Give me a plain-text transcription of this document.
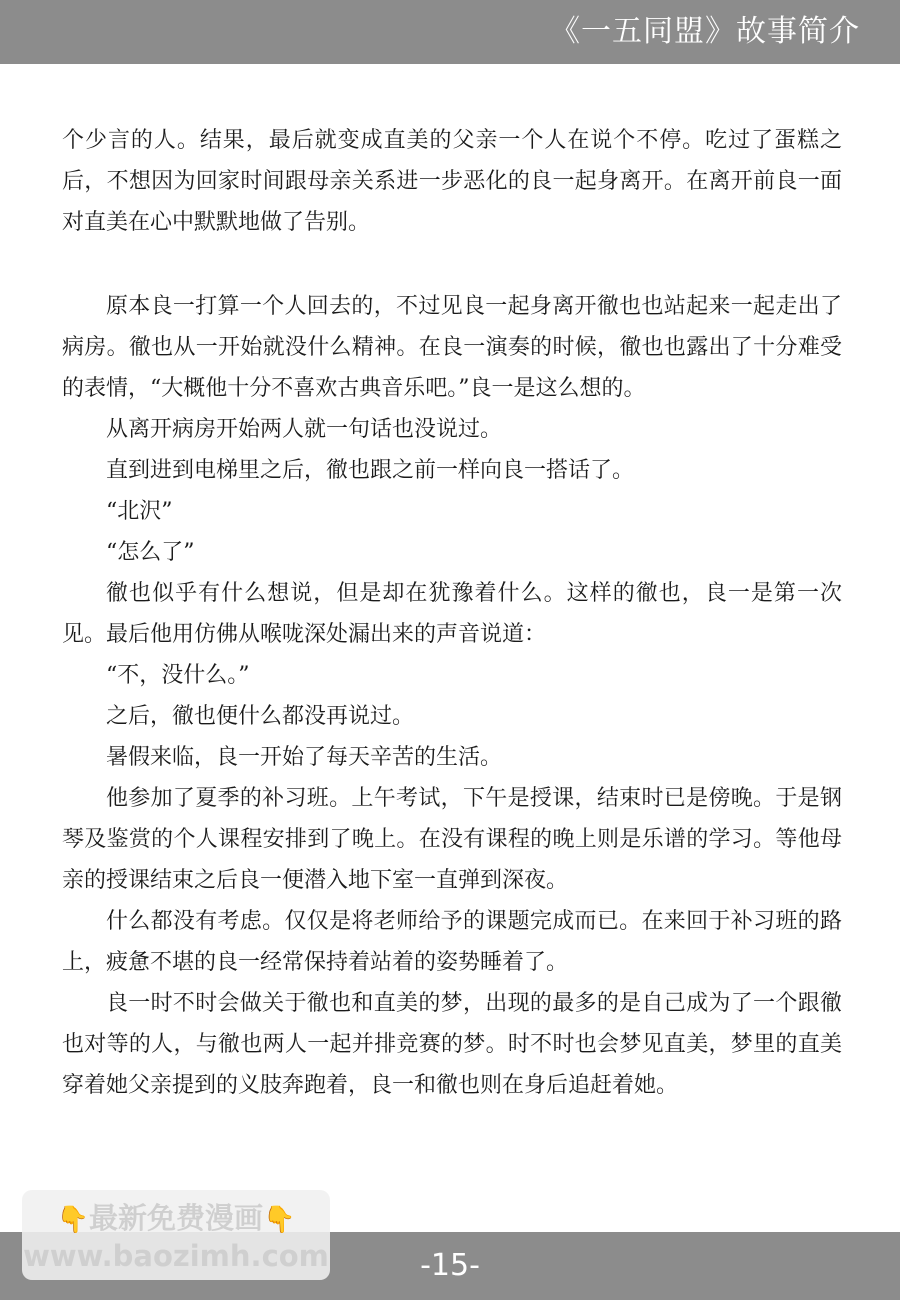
《一五同盟》故事简介

个少言的人。结果，最后就变成直美的父亲一个人在说个不停。吃过了蛋糕之后，不想因为回家时间跟母亲关系进一步恶化的良一起身离开。在离开前良一面对直美在心中默默地做了告别。

原本良一打算一个人回去的，不过见良一起身离开徹也也站起来一起走出了病房。徹也从一开始就没什么精神。在良一演奏的时候，徹也也露出了十分难受的表情，“大概他十分不喜欢古典音乐吧。”良一是这么想的。

从离开病房开始两人就一句话也没说过。

直到进到电梯里之后，徹也跟之前一样向良一搭话了。

“北沢”

“怎么了”

徹也似乎有什么想说，但是却在犹豫着什么。这样的徹也，良一是第一次见。最后他用仿佛从喉咙深处漏出来的声音说道：

“不，没什么。”

之后，徹也便什么都没再说过。

暑假来临，良一开始了每天辛苦的生活。

他参加了夏季的补习班。上午考试，下午是授课，结束时已是傍晚。于是钢琴及鉴赏的个人课程安排到了晚上。在没有课程的晚上则是乐谱的学习。等他母亲的授课结束之后良一便潜入地下室一直弹到深夜。

什么都没有考虑。仅仅是将老师给予的课题完成而已。在来回于补习班的路上，疲惫不堪的良一经常保持着站着的姿势睡着了。

良一时不时会做关于徹也和直美的梦，出现的最多的是自己成为了一个跟徹也对等的人，与徹也两人一起并排竞赛的梦。时不时也会梦见直美，梦里的直美穿着她父亲提到的义肢奔跑着，良一和徹也则在身后追赶着她。

-15-
👇最新免费漫画👇
www.baozimh.com
